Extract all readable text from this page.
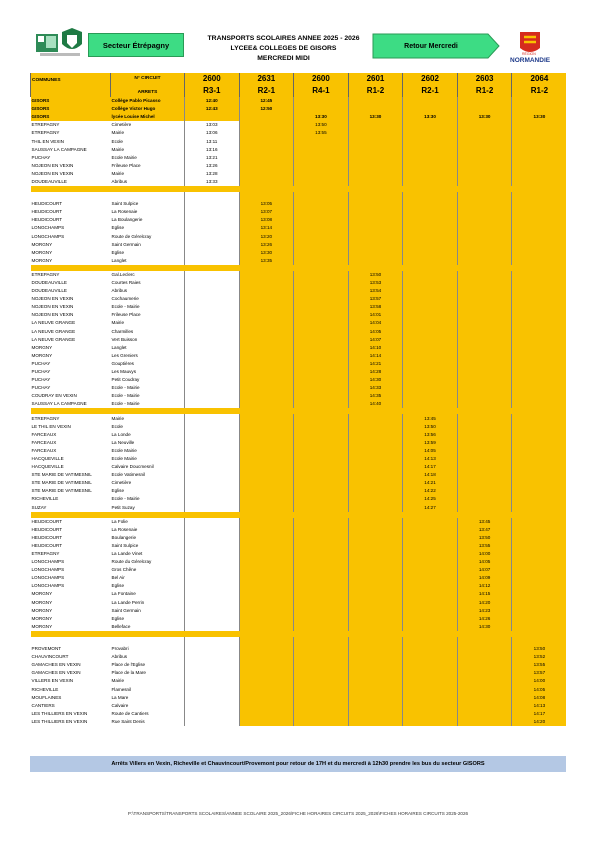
Secteur Étrépagny
TRANSPORTS SCOLAIRES ANNEE 2025 - 2026
LYCEE& COLLEGES DE GISORS
MERCREDI MIDI
Retour Mercredi
RÉGION
NORMANDIE
COMMUNES	N° CIRCUIT	2600	2631	2600	2601	2602	2603	2064
	ARRETS	R3-1	R2-1	R4-1	R1-2	R2-1	R1-2	R1-2
GISORS	Collège Pablo Picasso	12:40	12:45					
GISORS	Collège Victor Hugo	12:43	12:50					
GISORS	lycée Louise Michel			13:30	13:30	13:30	13:30	13:30
ETREPAGNY	Cimetière	13:03		13:50				
ETREPAGNY	Mairie	13:06		13:55				
THIL EN VEXIN	Ecole	13:11						
SAUSSAY LA CAMPAGNE	Mairie	13:16						
PUCHAY	Ecole Mairie	13:21						
NOJEON EN VEXIN	Frileuse Place	13:26						
NOJEON EN VEXIN	Mairie	13:28						
DOUDEAUVILLE	Abribus	13:33						

HEUDICOURT	Saint Sulpice		13:05					
HEUDICOURT	La Rosenaie		13:07					
HEUDICOURT	La Boulangerie		13:08					
LONGCHAMPS	Eglise		13:14					
LONGCHAMPS	Route de Gérelcray		13:20					
MORGNY	Saint Germain		13:26					
MORGNY	Eglise		13:30					
MORGNY	Langlet		13:35					

ETREPAGNY	Gal.Leclerc				13:50			
DOUDEAUVILLE	Courtes Raies				13:53			
DOUDEAUVILLE	Abribus				13:54			
NOJEON EN VEXIN	Cochaumerie				13:57			
NOJEON EN VEXIN	Ecole - Mairie				13:58			
NOJEON EN VEXIN	Frileuse Place				14:01			
LA NEUVE GRANGE	Mairie				14:04			
LA NEUVE GRANGE	Charmilles				14:05			
LA NEUVE GRANGE	Vert Buisson				14:07			
MORGNY	Langlet				14:10			
MORGNY	Les Greniers				14:14			
PUCHAY	Gouptières				14:21			
PUCHAY	Les Mauvys				14:28			
PUCHAY	Petit Coudray				14:30			
PUCHAY	Ecole - Mairie				14:33			
COUDRAY EN VEXIN	Ecole - Mairie				14:35			
SAUSSAY LA CAMPAGNE	Ecole - Mairie				14:40			

ETREPAGNY	Mairie					13:45		
LE THIL EN VEXIN	Ecole					13:50		
FARCEAUX	La Londe					13:56		
FARCEAUX	La Neuville					13:59		
FARCEAUX	Ecole Mairie					14:05		
HACQUEVILLE	Ecole Mairie					14:13		
HACQUEVILLE	Calvaire Doucmesnil					14:17		
STE MARIE DE VATIMESNIL	Ecole Vatimesnil					14:18		
STE MARIE DE VATIMESNIL	Cimetière					14:21		
STE MARIE DE VATIMESNIL	Eglise					14:22		
RICHEVILLE	Ecole - Mairie					14:25		
SUZAY	Petit Suzay					14:27		

HEUDICOURT	La Folie						13:45	
HEUDICOURT	La Rosenaie						13:47	
HEUDICOURT	Boulangerie						13:50	
HEUDICOURT	Saint Sulpice						13:55	
ETREPAGNY	La Lande Vinet						14:00	
LONGCHAMPS	Route du Gérelcray						14:05	
LONGCHAMPS	Gros Chêne						14:07	
LONGCHAMPS	Bel Air						14:09	
LONGCHAMPS	Eglise						14:12	
MORGNY	La Fontaine						14:15	
MORGNY	La Lande Perrin						14:20	
MORGNY	Saint Germain						14:23	
MORGNY	Eglise						14:26	
MORGNY	Belleface						14:30	

PROVEMONT	Provabri							13:50
CHAUVINCOURT	Abribus							13:52
GAMACHES EN VEXIN	Place de l'Eglise							13:55
GAMACHES EN VEXIN	Place de la Mare							13:57
VILLERS EN VEXIN	Mairie							14:00
RICHEVILLE	Flamesnil							14:05
MOUFLAINES	La Mare							14:08
CANTIERS	Calvaire							14:13
LES THILLIERS EN VEXIN	Route de Cantiers							14:17
LES THILLIERS EN VEXIN	Rue Saint Denis							14:20
Arrêts Villers en Vexin, Richeville et Chauvincourt/Provemont pour retour de 17H et du mercredi à 12h30 prendre les bus du secteur GISORS
P:\TRANSPORTS\TRANSPORTS SCOLAIRES\ANNEE SCOLAIRE 2025_2026\FICHE HORAIRES CIRCUITS 2025_2026\FICHES HORAIRES CIRCUITS 2025-2026
